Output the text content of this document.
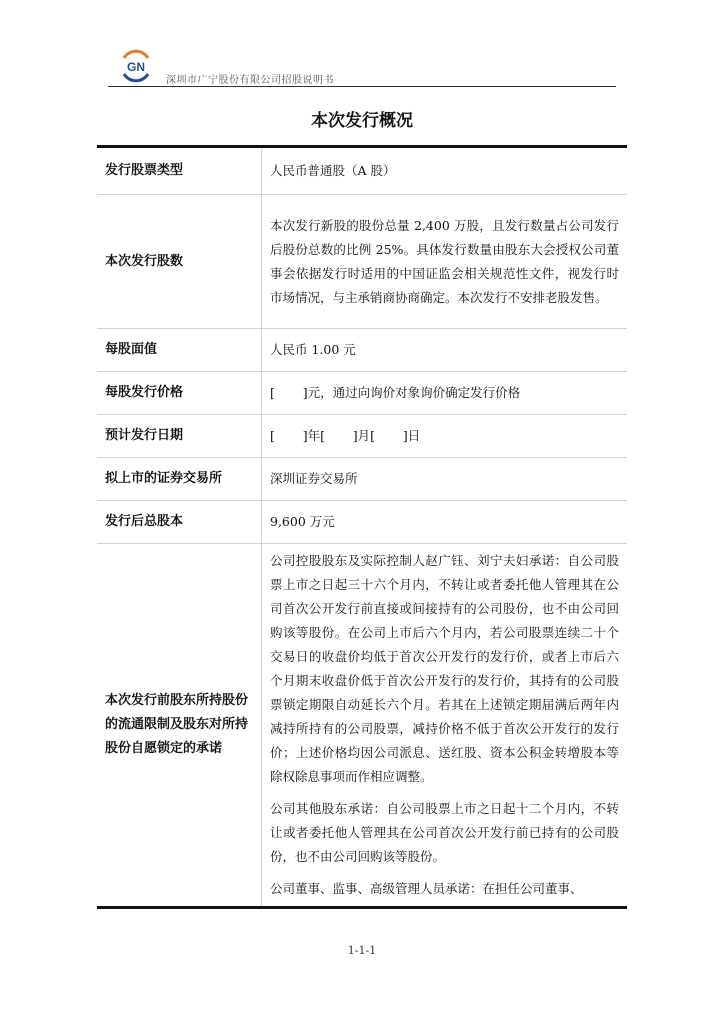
GN
深圳市广宁股份有限公司招股说明书
本次发行概况
发行股票类型	人民币普通股（A 股）
本次发行股数	本次发行新股的股份总量 2,400 万股，且发行数量占公司发行后股份总数的比例 25%。具体发行数量由股东大会授权公司董事会依据发行时适用的中国证监会相关规范性文件，视发行时市场情况，与主承销商协商确定。本次发行不安排老股发售。
每股面值	人民币 1.00 元
每股发行价格	[       ]元，通过向询价对象询价确定发行价格
预计发行日期	[       ]年[       ]月[       ]日
拟上市的证券交易所	深圳证券交易所
发行后总股本	9,600 万元
本次发行前股东所持股份的流通限制及股东对所持股份自愿锁定的承诺	公司控股股东及实际控制人赵广钰、刘宁夫妇承诺：自公司股票上市之日起三十六个月内，不转让或者委托他人管理其在公司首次公开发行前直接或间接持有的公司股份，也不由公司回购该等股份。在公司上市后六个月内，若公司股票连续二十个交易日的收盘价均低于首次公开发行的发行价，或者上市后六个月期末收盘价低于首次公开发行的发行价，其持有的公司股票锁定期限自动延长六个月。若其在上述锁定期届满后两年内减持所持有的公司股票，减持价格不低于首次公开发行的发行价；上述价格均因公司派息、送红股、资本公积金转增股本等除权除息事项而作相应调整。

公司其他股东承诺：自公司股票上市之日起十二个月内，不转让或者委托他人管理其在公司首次公开发行前已持有的公司股份，也不由公司回购该等股份。

公司董事、监事、高级管理人员承诺：在担任公司董事、

1-1-1
